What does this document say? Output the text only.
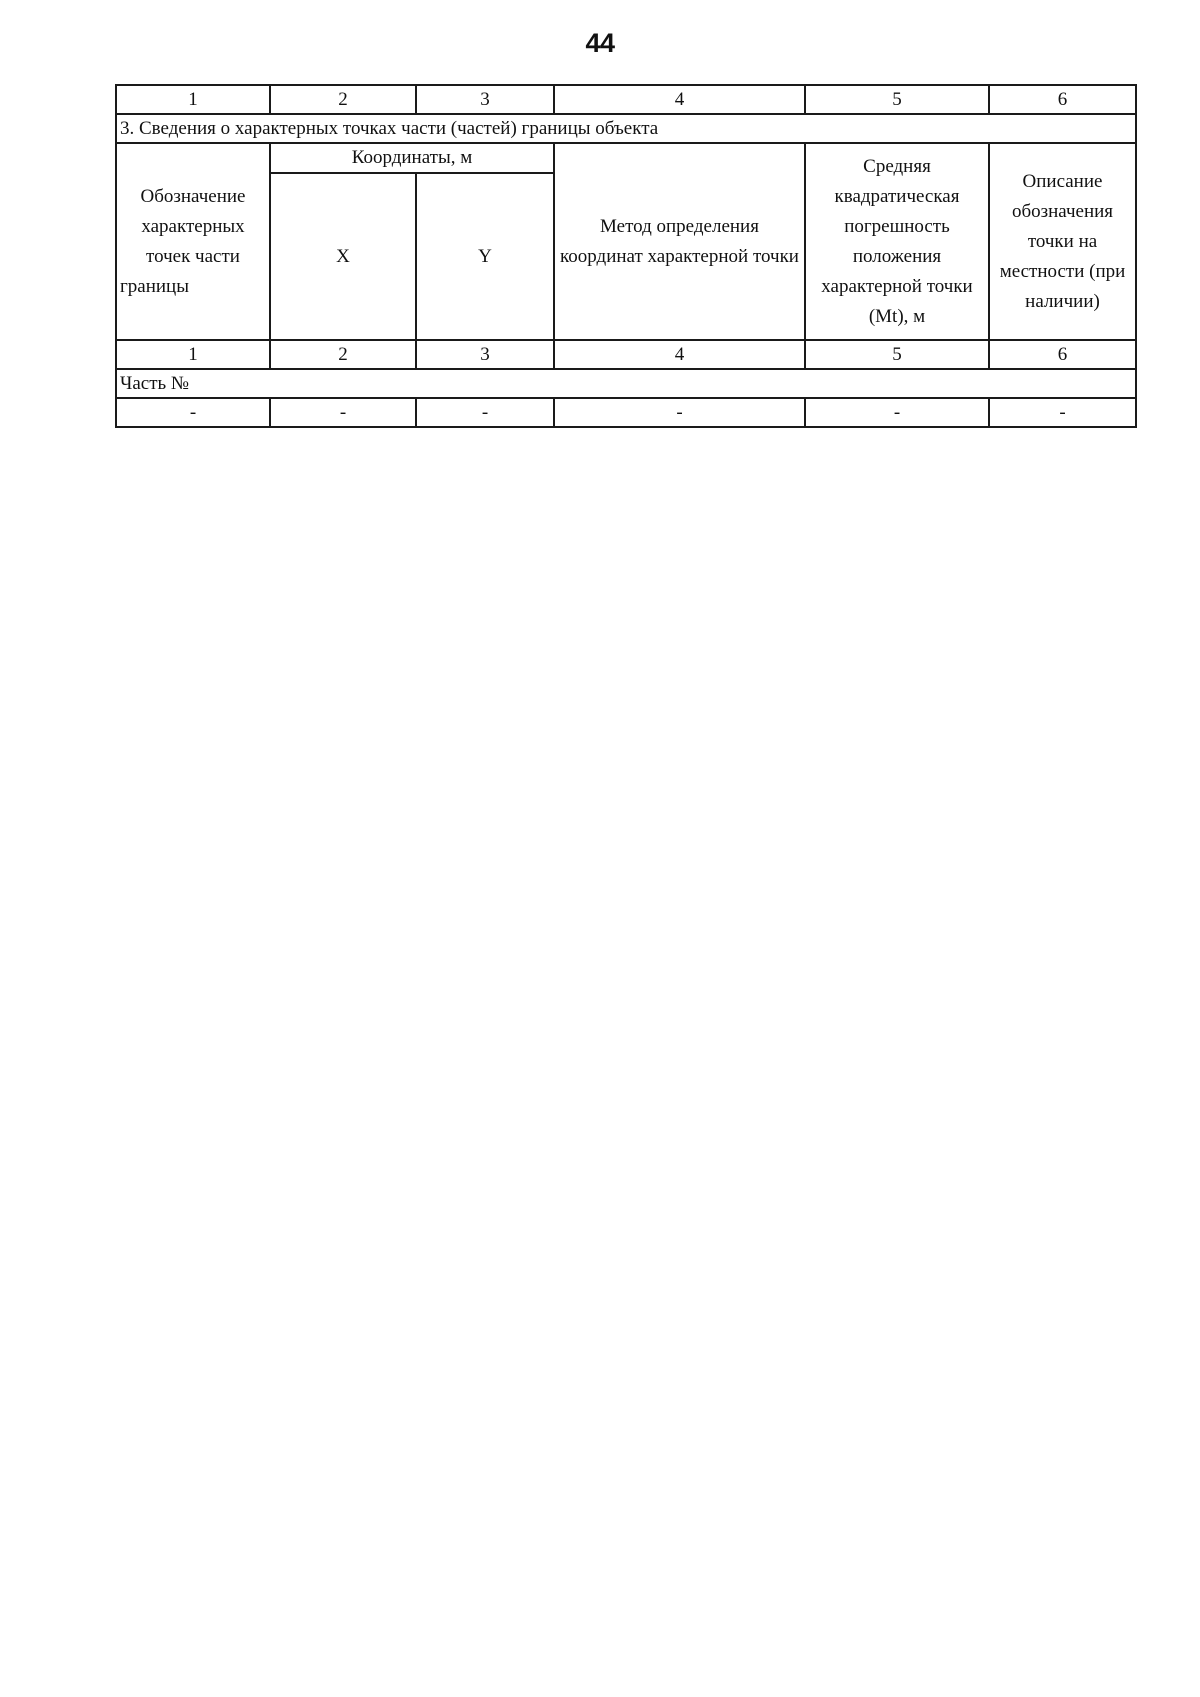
44
1	2	3	4	5	6
3. Сведения о характерных точках части (частей) границы объекта					
Обозначение характерных точек части границы	Координаты, м		Метод определения координат характерной точки	Средняя квадратическая погрешность положения характерной точки (Mt), м	Описание обозначения точки на местности (при наличии)
	X	Y			
1	2	3	4	5	6
Часть №					
-	-	-	-	-	-
